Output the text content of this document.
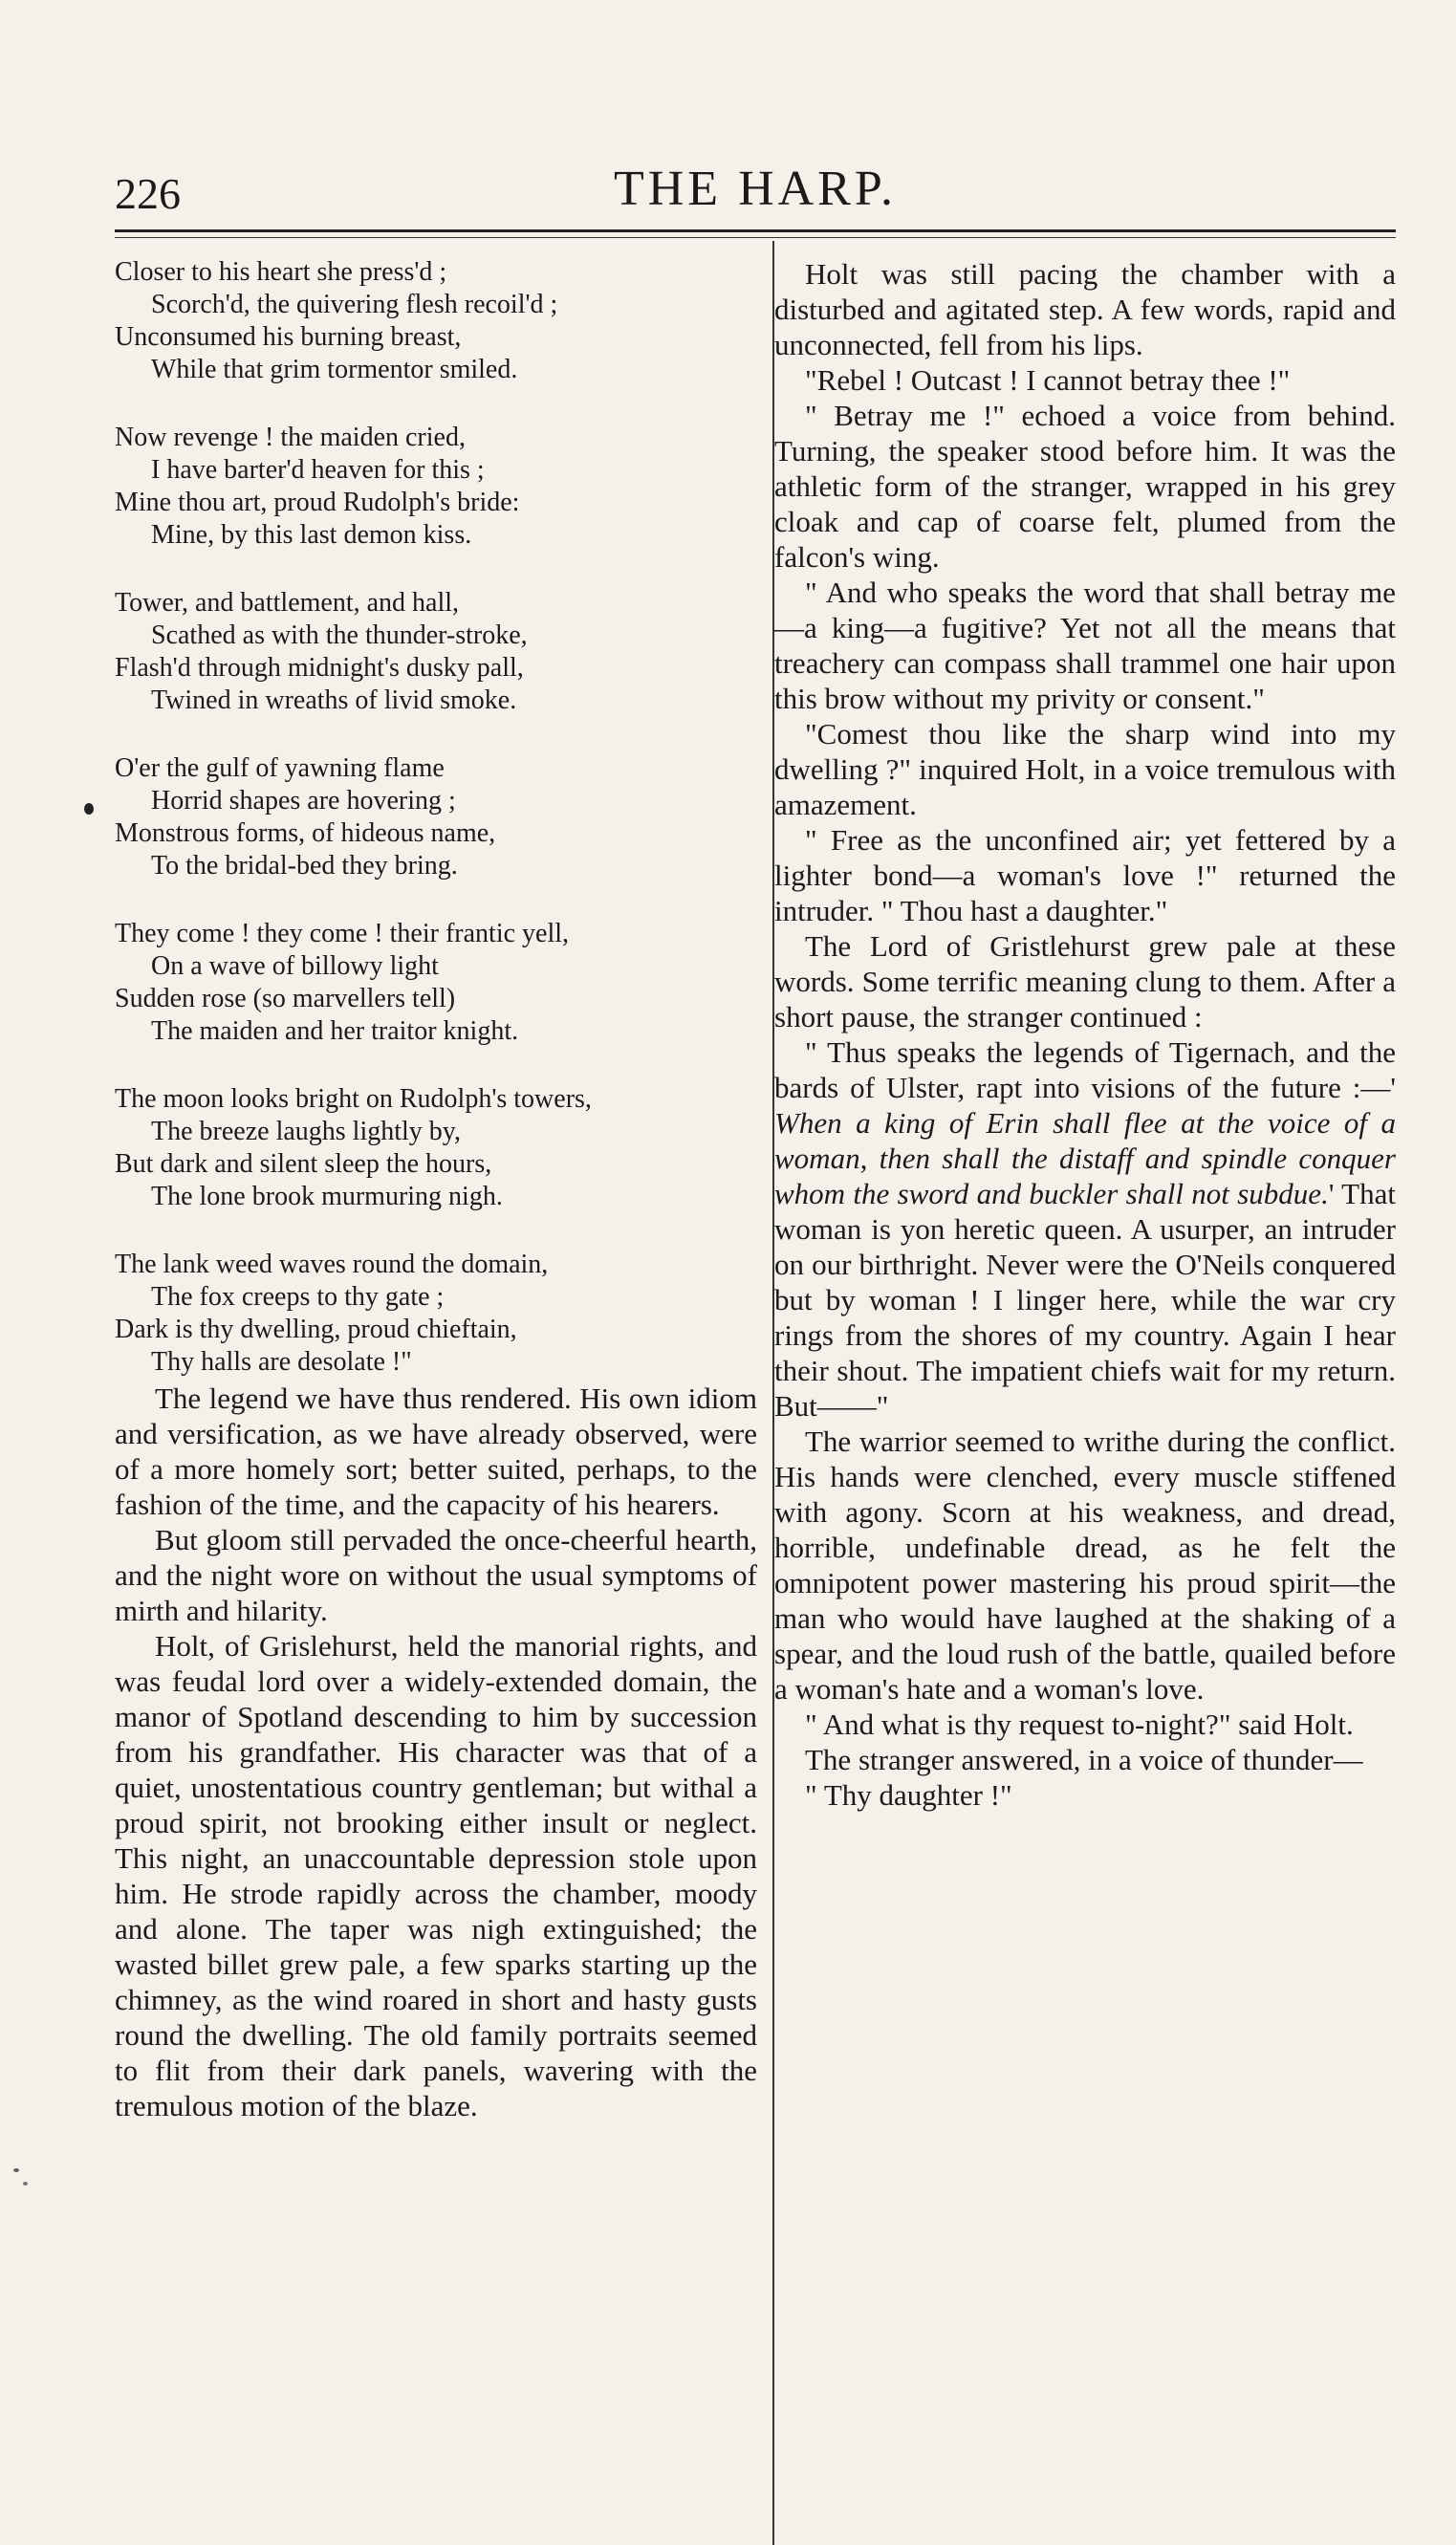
226	THE HARP.
Closer to his heart she press'd ;
Scorch'd, the quivering flesh recoil'd ;
Unconsumed his burning breast,
While that grim tormentor smiled.
Now revenge ! the maiden cried,
I have barter'd heaven for this ;
Mine thou art, proud Rudolph's bride:
Mine, by this last demon kiss.
Tower, and battlement, and hall,
Scathed as with the thunder-stroke,
Flash'd through midnight's dusky pall,
Twined in wreaths of livid smoke.
O'er the gulf of yawning flame
Horrid shapes are hovering ;
Monstrous forms, of hideous name,
To the bridal-bed they bring.
They come ! they come ! their frantic yell,
On a wave of billowy light
Sudden rose (so marvellers tell)
The maiden and her traitor knight.
The moon looks bright on Rudolph's towers,
The breeze laughs lightly by,
But dark and silent sleep the hours,
The lone brook murmuring nigh.
The lank weed waves round the domain,
The fox creeps to thy gate ;
Dark is thy dwelling, proud chieftain,
Thy halls are desolate !"

The legend we have thus rendered. His own idiom and versification, as we have already observed, were of a more homely sort; better suited, perhaps, to the fashion of the time, and the capacity of his hearers.

But gloom still pervaded the once-cheerful hearth, and the night wore on without the usual symptoms of mirth and hilarity.

Holt, of Grislehurst, held the manorial rights, and was feudal lord over a widely-extended domain, the manor of Spotland descending to him by succession from his grandfather. His character was that of a quiet, unostentatious country gentleman; but withal a proud spirit, not brooking either insult or neglect. This night, an unaccountable depression stole upon him. He strode rapidly across the chamber, moody and alone. The taper was nigh extinguished; the wasted billet grew pale, a few sparks starting up the chimney, as the wind roared in short and hasty gusts round the dwelling. The old family portraits seemed to flit from their dark panels, wavering with the tremulous motion of the blaze.

Holt was still pacing the chamber with a disturbed and agitated step. A few words, rapid and unconnected, fell from his lips.

"Rebel ! Outcast ! I cannot betray thee !"

" Betray me !" echoed a voice from behind. Turning, the speaker stood before him. It was the athletic form of the stranger, wrapped in his grey cloak and cap of coarse felt, plumed from the falcon's wing.

" And who speaks the word that shall betray me—a king—a fugitive? Yet not all the means that treachery can compass shall trammel one hair upon this brow without my privity or consent."

"Comest thou like the sharp wind into my dwelling ?" inquired Holt, in a voice tremulous with amazement.

" Free as the unconfined air; yet fettered by a lighter bond—a woman's love !" returned the intruder. " Thou hast a daughter."

The Lord of Gristlehurst grew pale at these words. Some terrific meaning clung to them. After a short pause, the stranger continued :

" Thus speaks the legends of Tigernach, and the bards of Ulster, rapt into visions of the future :—' When a king of Erin shall flee at the voice of a woman, then shall the distaff and spindle conquer whom the sword and buckler shall not subdue.' That woman is yon heretic queen. A usurper, an intruder on our birthright. Never were the O'Neils conquered but by woman ! I linger here, while the war cry rings from the shores of my country. Again I hear their shout. The impatient chiefs wait for my return. But——"

The warrior seemed to writhe during the conflict. His hands were clenched, every muscle stiffened with agony. Scorn at his weakness, and dread, horrible, undefinable dread, as he felt the omnipotent power mastering his proud spirit—the man who would have laughed at the shaking of a spear, and the loud rush of the battle, quailed before a woman's hate and a woman's love.

" And what is thy request to-night?" said Holt.

The stranger answered, in a voice of thunder—

" Thy daughter !"
